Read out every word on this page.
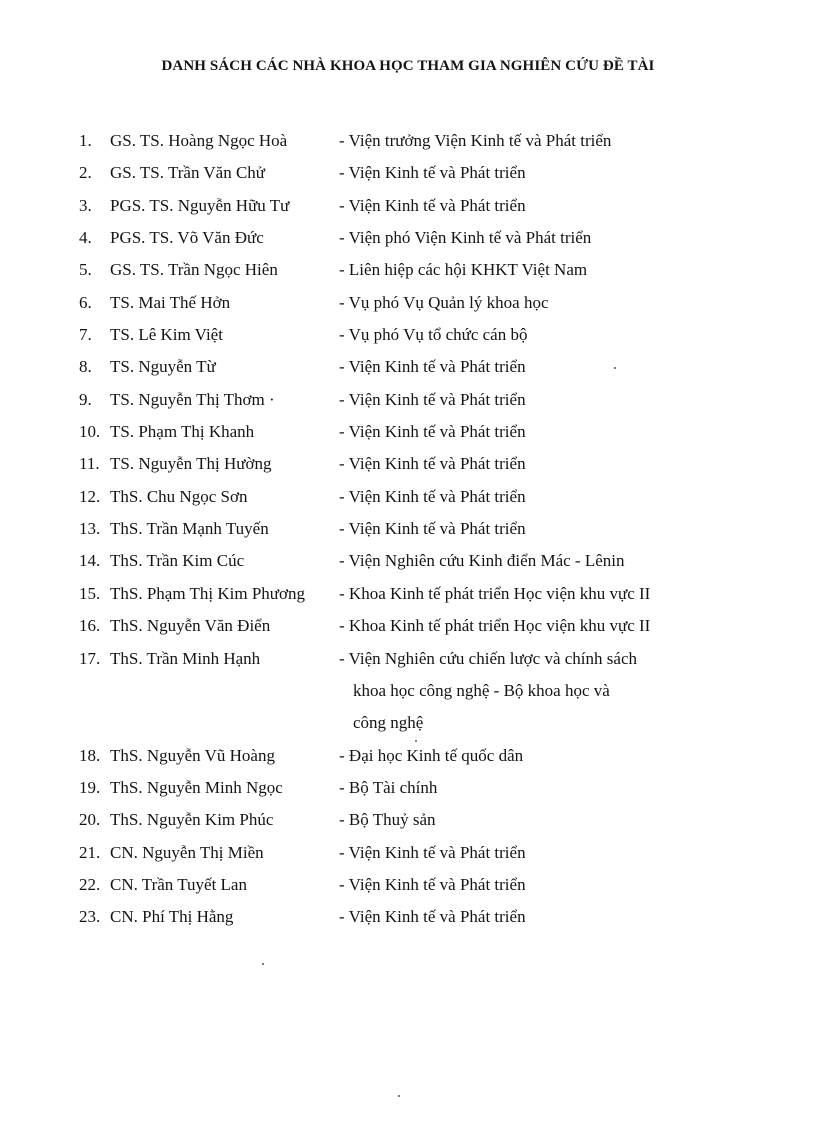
DANH SÁCH CÁC NHÀ KHOA HỌC THAM GIA NGHIÊN CỨU ĐỀ TÀI
1. GS. TS. Hoàng Ngọc Hoà	- Viện trưởng Viện Kinh tế và Phát triển
2. GS. TS. Trần Văn Chử	- Viện Kinh tế và Phát triển
3. PGS. TS. Nguyễn Hữu Tư	- Viện Kinh tế và Phát triển
4. PGS. TS. Võ Văn Đức	- Viện phó Viện Kinh tế và Phát triển
5. GS. TS. Trần Ngọc Hiên	- Liên hiệp các hội KHKT Việt Nam
6. TS. Mai Thế Hởn	- Vụ phó Vụ Quản lý khoa học
7. TS. Lê Kim Việt	- Vụ phó Vụ tổ chức cán bộ
8. TS. Nguyễn Từ	- Viện Kinh tế và Phát triển
9. TS. Nguyễn Thị Thơm ·	- Viện Kinh tế và Phát triển
10. TS. Phạm Thị Khanh	- Viện Kinh tế và Phát triển
11. TS. Nguyễn Thị Hường	- Viện Kinh tế và Phát triển
12. ThS. Chu Ngọc Sơn	- Viện Kinh tế và Phát triển
13. ThS. Trần Mạnh Tuyến	- Viện Kinh tế và Phát triển
14. ThS. Trần Kim Cúc	- Viện Nghiên cứu Kinh điển Mác - Lênin
15. ThS. Phạm Thị Kim Phương - Khoa Kinh tế phát triển Học viện khu vực II
16. ThS. Nguyễn Văn Điển	- Khoa Kinh tế phát triển Học viện khu vực II
17. ThS. Trần Minh Hạnh	- Viện Nghiên cứu chiến lược và chính sách
khoa học công nghệ - Bộ khoa học và
công nghệ
18. ThS. Nguyễn Vũ Hoàng	- Đại học Kinh tế quốc dân
19. ThS. Nguyễn Minh Ngọc	- Bộ Tài chính
20. ThS. Nguyễn Kim Phúc	- Bộ Thuỷ sản
21. CN. Nguyễn Thị Miền	- Viện Kinh tế và Phát triển
22. CN. Trần Tuyết Lan	- Viện Kinh tế và Phát triển
23. CN. Phí Thị Hằng	- Viện Kinh tế và Phát triển
